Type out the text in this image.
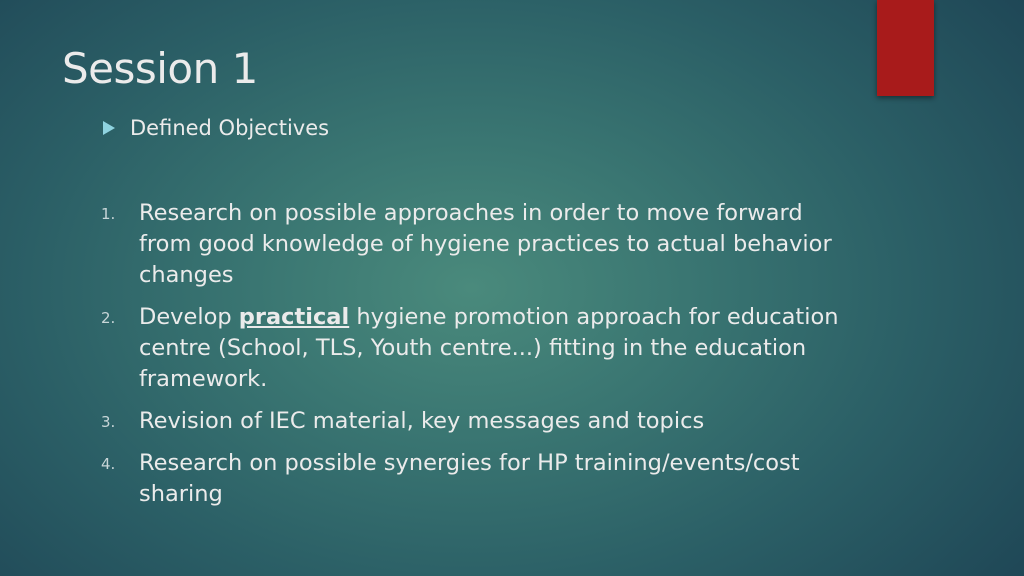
Session 1
Defined Objectives
1. Research on possible approaches in order to move forward from good knowledge of hygiene practices to actual behavior changes
2. Develop practical hygiene promotion approach for education centre (School, TLS, Youth centre...) fitting in the education framework.
3. Revision of IEC material, key messages and topics
4. Research on possible synergies for HP training/events/cost sharing
